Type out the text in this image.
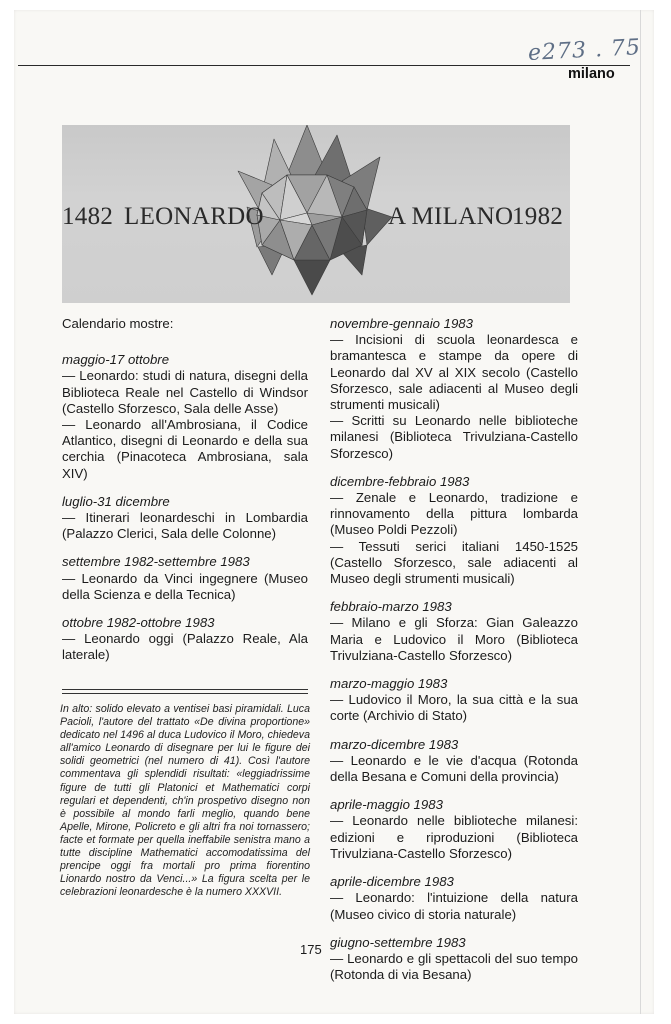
e273 . 75
milano
1482 LEONARDO	A MILANO
1982
Calendario mostre:
maggio-17 ottobre
— Leonardo: studi di natura, disegni della Biblioteca Reale nel Castello di Windsor (Castello Sforzesco, Sala delle Asse)
— Leonardo all'Ambrosiana, il Codice Atlantico, disegni di Leonardo e della sua cerchia (Pinacoteca Ambrosiana, sala XIV)
luglio-31 dicembre
— Itinerari leonardeschi in Lombardia (Palazzo Clerici, Sala delle Colonne)
settembre 1982-settembre 1983
— Leonardo da Vinci ingegnere (Museo della Scienza e della Tecnica)
ottobre 1982-ottobre 1983
— Leonardo oggi (Palazzo Reale, Ala laterale)
novembre-gennaio 1983
— Incisioni di scuola leonardesca e bramantesca e stampe da opere di Leonardo dal XV al XIX secolo (Castello Sforzesco, sale adiacenti al Museo degli strumenti musicali)
— Scritti su Leonardo nelle biblioteche milanesi (Biblioteca Trivulziana-Castello Sforzesco)
dicembre-febbraio 1983
— Zenale e Leonardo, tradizione e rinnovamento della pittura lombarda (Museo Poldi Pezzoli)
— Tessuti serici italiani 1450-1525 (Castello Sforzesco, sale adiacenti al Museo degli strumenti musicali)
febbraio-marzo 1983
— Milano e gli Sforza: Gian Galeazzo Maria e Ludovico il Moro (Biblioteca Trivulziana-Castello Sforzesco)
marzo-maggio 1983
— Ludovico il Moro, la sua città e la sua corte (Archivio di Stato)
marzo-dicembre 1983
— Leonardo e le vie d'acqua (Rotonda della Besana e Comuni della provincia)
aprile-maggio 1983
— Leonardo nelle biblioteche milanesi: edizioni e riproduzioni (Biblioteca Trivulziana-Castello Sforzesco)
aprile-dicembre 1983
— Leonardo: l'intuizione della natura (Museo civico di storia naturale)
giugno-settembre 1983
— Leonardo e gli spettacoli del suo tempo (Rotonda di via Besana)
In alto: solido elevato a ventisei basi piramidali. Luca Pacioli, l'autore del trattato «De divina proportione» dedicato nel 1496 al duca Ludovico il Moro, chiedeva all'amico Leonardo di disegnare per lui le figure dei solidi geometrici (nel numero di 41). Così l'autore commentava gli splendidi risultati: «leggiadrissime figure de tutti gli Platonici et Mathematici corpi regulari et dependenti, ch'in prospetivo disegno non è possibile al mondo farli meglio, quando bene Apelle, Mirone, Policreto e gli altri fra noi tornassero; facte et formate per quella ineffabile senistra mano a tutte discipline Mathematici accomodatissima del prencipe oggi fra mortali pro prima fiorentino Lionardo nostro da Venci...» La figura scelta per le celebrazioni leonardesche è la numero XXXVII.
175
